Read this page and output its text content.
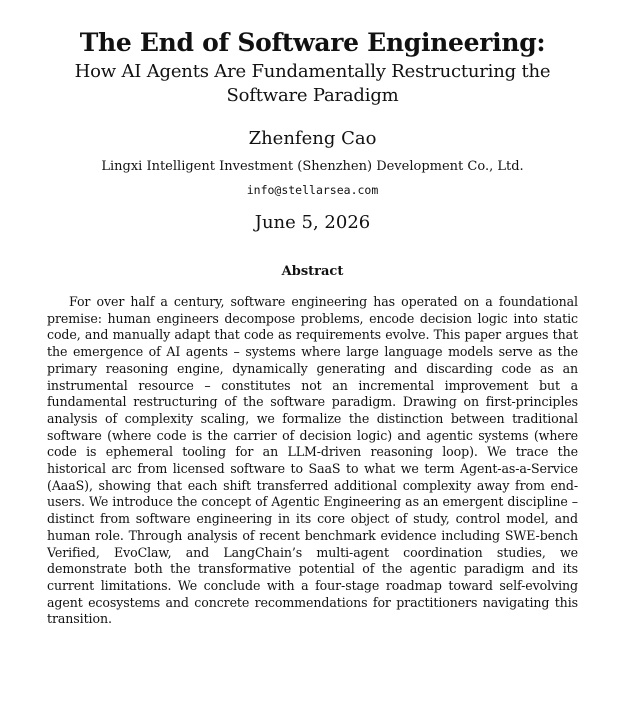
The End of Software Engineering:
How AI Agents Are Fundamentally Restructuring the Software Paradigm
Zhenfeng Cao
Lingxi Intelligent Investment (Shenzhen) Development Co., Ltd.
info@stellarsea.com
June 5, 2026
Abstract

For over half a century, software engineering has operated on a foundational premise: human engineers decompose problems, encode decision logic into static code, and manually adapt that code as requirements evolve. This paper argues that the emergence of AI agents – systems where large language models serve as the primary reasoning engine, dynamically generating and discarding code as an instrumental resource – constitutes not an incremental improvement but a fundamental restructuring of the software paradigm. Drawing on first-principles analysis of complexity scaling, we formalize the distinction between traditional software (where code is the carrier of decision logic) and agentic systems (where code is ephemeral tooling for an LLM-driven reasoning loop). We trace the historical arc from licensed software to SaaS to what we term Agent-as-a-Service (AaaS), showing that each shift transferred additional complexity away from end-users. We introduce the concept of Agentic Engineering as an emergent discipline – distinct from software engineering in its core object of study, control model, and human role. Through analysis of recent benchmark evidence including SWE-bench Verified, EvoClaw, and LangChain’s multi-agent coordination studies, we demonstrate both the transformative potential of the agentic paradigm and its current limitations. We conclude with a four-stage roadmap toward self-evolving agent ecosystems and concrete recommendations for practitioners navigating this transition.
